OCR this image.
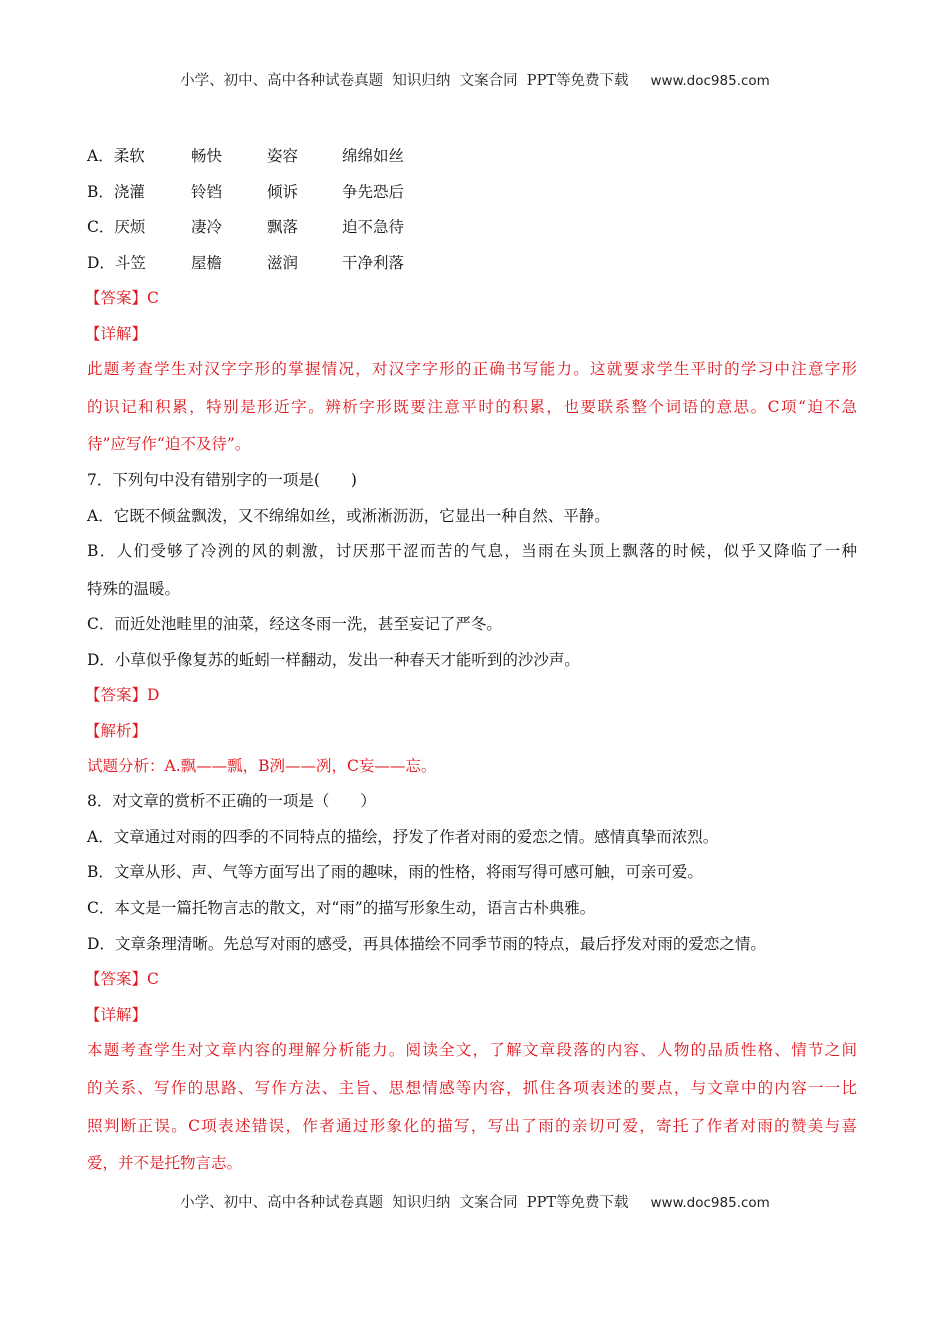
小学、初中、高中各种试卷真题  知识归纳  文案合同  PPT等免费下载 www.doc985.com
A．柔软	畅快	姿容	绵绵如丝
B．浇灌	铃铛	倾诉	争先恐后
C．厌烦	凄冷	飘落	迫不急待
D．斗笠	屋檐	滋润	干净利落
【答案】C
【详解】
此题考查学生对汉字字形的掌握情况，对汉字字形的正确书写能力。这就要求学生平时的学习中注意字形
的识记和积累，特别是形近字。辨析字形既要注意平时的积累，也要联系整个词语的意思。C项“迫不急
待”应写作“迫不及待”。
7．下列句中没有错别字的一项是(　　)
A．它既不倾盆飘泼，又不绵绵如丝，或淅淅沥沥，它显出一种自然、平静。
B．人们受够了冷洌的风的刺激，讨厌那干涩而苦的气息，当雨在头顶上飘落的时候，似乎又降临了一种
特殊的温暖。
C．而近处池畦里的油菜，经这冬雨一洗，甚至妄记了严冬。
D．小草似乎像复苏的蚯蚓一样翻动，发出一种春天才能听到的沙沙声。
【答案】D
【解析】
试题分析：A.飘——瓢，B洌——冽，C妄——忘。
8．对文章的赏析不正确的一项是（　　）
A．文章通过对雨的四季的不同特点的描绘，抒发了作者对雨的爱恋之情。感情真挚而浓烈。
B．文章从形、声、气等方面写出了雨的趣味，雨的性格，将雨写得可感可触，可亲可爱。
C．本文是一篇托物言志的散文，对“雨”的描写形象生动，语言古朴典雅。
D．文章条理清晰。先总写对雨的感受，再具体描绘不同季节雨的特点，最后抒发对雨的爱恋之情。
【答案】C
【详解】
本题考查学生对文章内容的理解分析能力。阅读全文，了解文章段落的内容、人物的品质性格、情节之间
的关系、写作的思路、写作方法、主旨、思想情感等内容，抓住各项表述的要点，与文章中的内容一一比
照判断正误。C项表述错误，作者通过形象化的描写，写出了雨的亲切可爱，寄托了作者对雨的赞美与喜
爱，并不是托物言志。
小学、初中、高中各种试卷真题  知识归纳  文案合同  PPT等免费下载 www.doc985.com
